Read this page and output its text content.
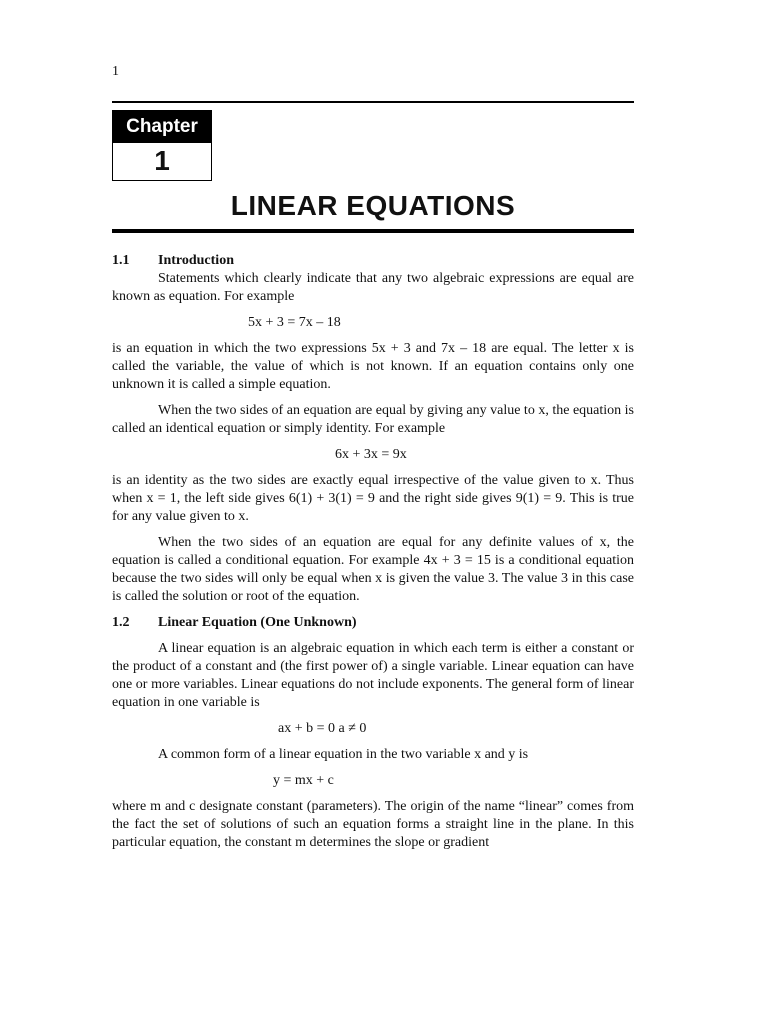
1
Chapter
1
LINEAR EQUATIONS
1.1 Introduction

Statements which clearly indicate that any two algebraic expressions are equal are known as equation. For example

5x + 3 = 7x – 18

is an equation in which the two expressions 5x + 3 and 7x – 18 are equal. The letter x is called the variable, the value of which is not known. If an equation contains only one unknown it is called a simple equation.

When the two sides of an equation are equal by giving any value to x, the equation is called an identical equation or simply identity. For example

6x + 3x = 9x

is an identity as the two sides are exactly equal irrespective of the value given to x. Thus when x = 1, the left side gives 6(1) + 3(1) = 9 and the right side gives 9(1) = 9. This is true for any value given to x.

When the two sides of an equation are equal for any definite values of x, the equation is called a conditional equation. For example 4x + 3 = 15 is a conditional equation because the two sides will only be equal when x is given the value 3. The value 3 in this case is called the solution or root of the equation.

1.2 Linear Equation (One Unknown)

A linear equation is an algebraic equation in which each term is either a constant or the product of a constant and (the first power of) a single variable. Linear equation can have one or more variables. Linear equations do not include exponents. The general form of linear equation in one variable is

ax + b = 0 a ≠ 0

A common form of a linear equation in the two variable x and y is

y = mx + c

where m and c designate constant (parameters). The origin of the name “linear” comes from the fact the set of solutions of such an equation forms a straight line in the plane. In this particular equation, the constant m determines the slope or gradient
